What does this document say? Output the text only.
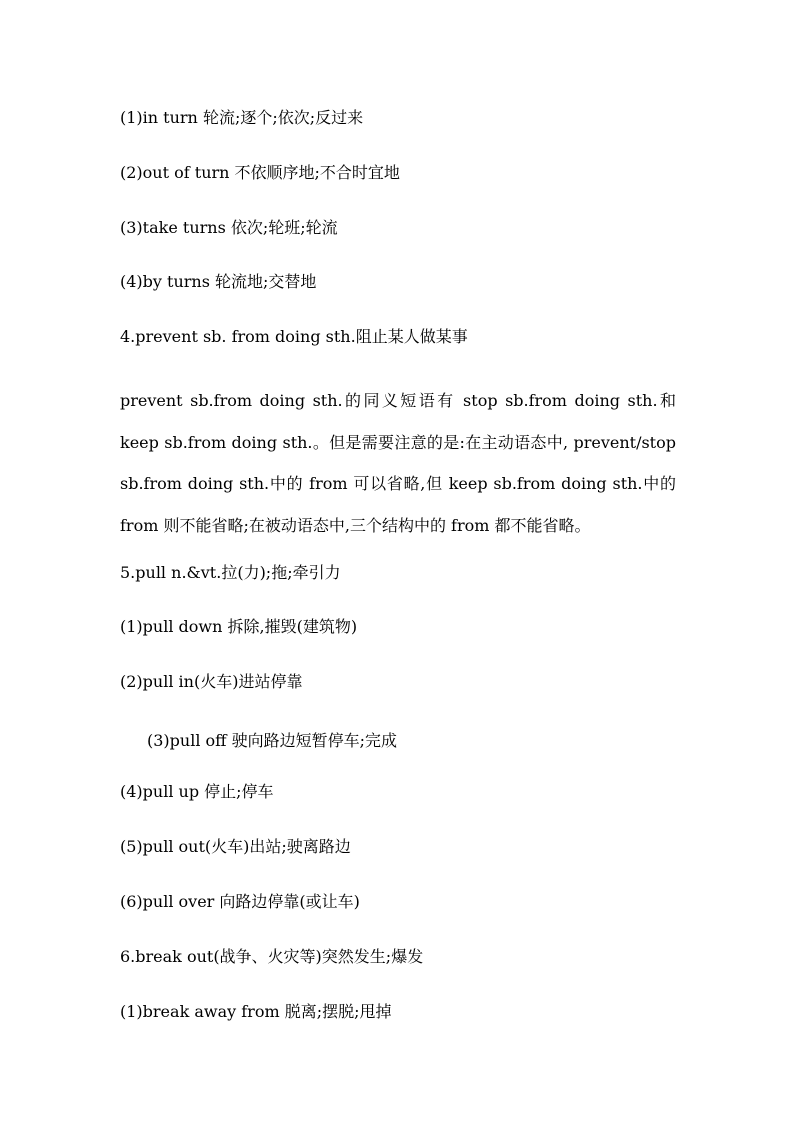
(1)in turn 轮流;逐个;依次;反过来
(2)out of turn 不依顺序地;不合时宜地
(3)take turns 依次;轮班;轮流
(4)by turns 轮流地;交替地
4.prevent sb. from doing sth.阻止某人做某事
prevent sb.from doing sth.的同义短语有 stop sb.from doing sth.和 keep sb.from doing sth.。但是需要注意的是:在主动语态中, prevent/stop sb.from doing sth.中的 from 可以省略,但 keep sb.from doing sth.中的 from 则不能省略;在被动语态中,三个结构中的 from 都不能省略。
5.pull n.&vt.拉(力);拖;牵引力
(1)pull down 拆除,摧毁(建筑物)
(2)pull in(火车)进站停靠
(3)pull off 驶向路边短暂停车;完成
(4)pull up 停止;停车
(5)pull out(火车)出站;驶离路边
(6)pull over 向路边停靠(或让车)
6.break out(战争、火灾等)突然发生;爆发
(1)break away from 脱离;摆脱;甩掉
